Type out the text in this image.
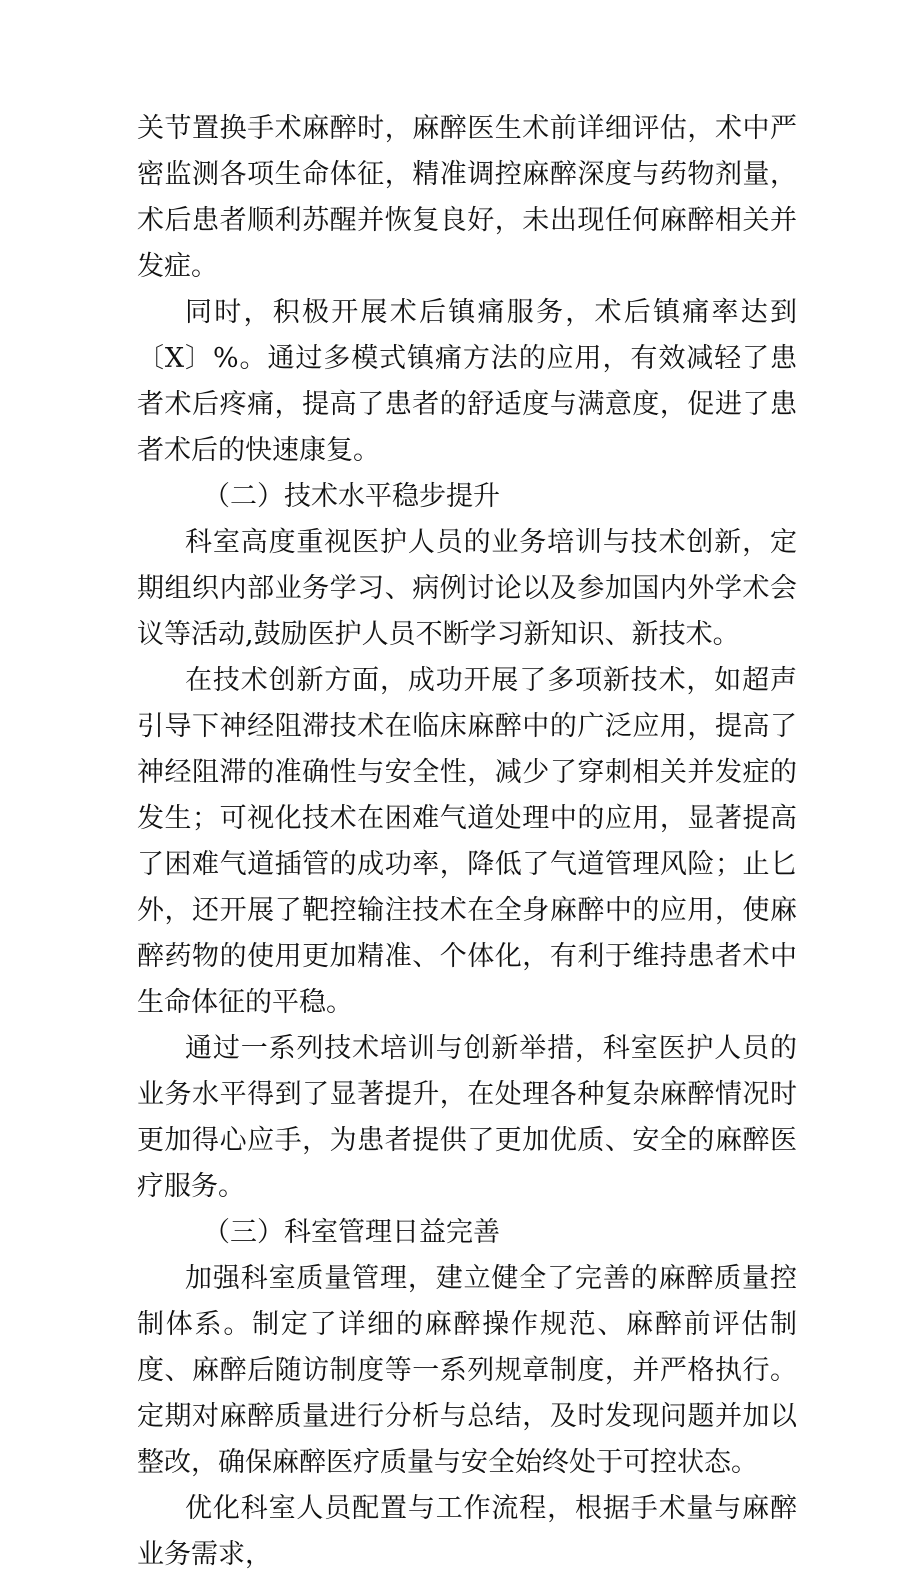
关节置换手术麻醉时，麻醉医生术前详细评估，术中严密监测各项生命体征，精准调控麻醉深度与药物剂量，术后患者顺利苏醒并恢复良好，未出现任何麻醉相关并发症。

同时，积极开展术后镇痛服务，术后镇痛率达到〔X〕%。通过多模式镇痛方法的应用，有效减轻了患者术后疼痛，提高了患者的舒适度与满意度，促进了患者术后的快速康复。

（二）技术水平稳步提升

科室高度重视医护人员的业务培训与技术创新，定期组织内部业务学习、病例讨论以及参加国内外学术会议等活动,鼓励医护人员不断学习新知识、新技术。

在技术创新方面，成功开展了多项新技术，如超声引导下神经阻滞技术在临床麻醉中的广泛应用，提高了神经阻滞的准确性与安全性，减少了穿刺相关并发症的发生；可视化技术在困难气道处理中的应用，显著提高了困难气道插管的成功率，降低了气道管理风险；止匕外，还开展了靶控输注技术在全身麻醉中的应用，使麻醉药物的使用更加精准、个体化，有利于维持患者术中生命体征的平稳。

通过一系列技术培训与创新举措，科室医护人员的业务水平得到了显著提升，在处理各种复杂麻醉情况时更加得心应手，为患者提供了更加优质、安全的麻醉医疗服务。

（三）科室管理日益完善

加强科室质量管理，建立健全了完善的麻醉质量控制体系。制定了详细的麻醉操作规范、麻醉前评估制度、麻醉后随访制度等一系列规章制度，并严格执行。定期对麻醉质量进行分析与总结，及时发现问题并加以整改，确保麻醉医疗质量与安全始终处于可控状态。

优化科室人员配置与工作流程，根据手术量与麻醉业务需求，
